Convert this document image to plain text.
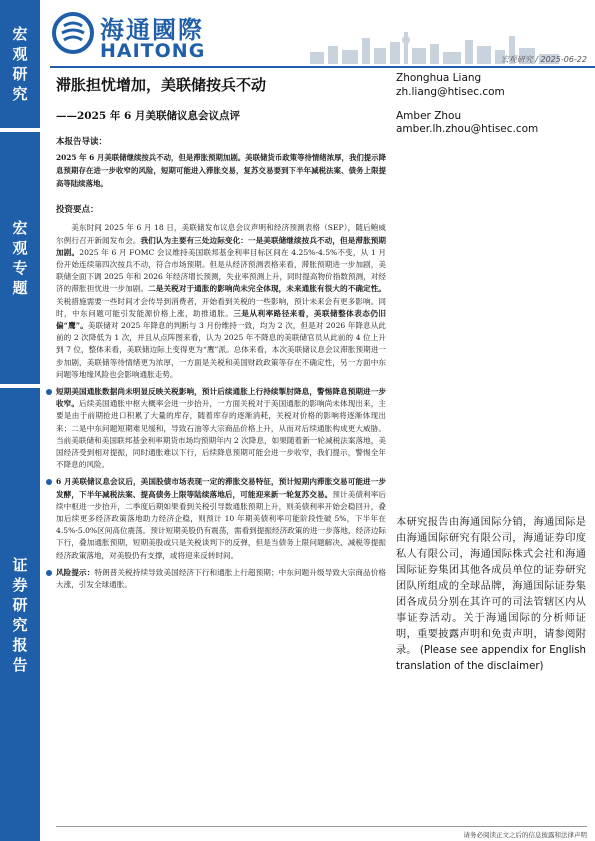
宏
观
研
究
宏
观
专
题
证
券
研
究
报
告
海通國際
HAITONG	宏观研究 / 2025-06-22
滞胀担忧增加，美联储按兵不动
——2025 年 6 月美联储议息会议点评
Zhonghua Liang
zh.liang@htisec.com
Amber Zhou
amber.lh.zhou@htisec.com
本报告导读：
2025 年 6 月美联储继续按兵不动，但是滞胀预期加剧。美联储货币政策等待情绪浓厚，我们提示降息预期存在进一步收窄的风险，短期可能进入滞胀交易，复苏交易要到下半年减税法案、债务上限提高等陆续落地。
投资要点：
美东时间 2025 年 6 月 18 日，美联储发布议息会议声明和经济预测表格（SEP），随后鲍威尔例行召开新闻发布会。我们认为主要有三处边际变化：一是美联储继续按兵不动，但是滞胀预期加剧。2025 年 6 月 FOMC 会议维持美国联邦基金利率目标区间在 4.25%-4.5%不变，从 1 月份开始连续第四次按兵不动，符合市场预期。但是从经济预测表格来看，滞胀预期进一步加剧，美联储全面下调 2025 年和 2026 年经济增长预测，失业率预测上升，同时提高物价指数预测，对经济的滞胀担忧进一步加剧。二是关税对于通胀的影响尚未完全体现，未来通胀有很大的不确定性。关税措施需要一些时间才会传导到消费者，开始看到关税的一些影响，预计未来会有更多影响。同时，中东问题可能引发能源价格上涨，助推通胀。三是从利率路径来看，美联储整体表态仍旧偏“鹰”。美联储对 2025 年降息的判断与 3 月份维持一致，均为 2 次，但是对 2026 年降息从此前的 2 次降低为 1 次，并且从点阵图来看，认为 2025 年不降息的美联储官员从此前的 4 位上升到 7 位，整体来看，美联储边际上变得更为“鹰”派。总体来看，本次美联储议息会议滞胀预期进一步加剧，美联储等待情绪更为浓厚，一方面是关税和美国财政政策等存在不确定性，另一方面中东问题等地缘风险也会影响通胀走势。
短期美国通胀数据尚未明显反映关税影响，预计后续通胀上行持续掣肘降息，警惕降息预期进一步收窄。后续美国通胀中枢大概率会进一步抬升，一方面关税对于美国通胀的影响尚未体现出来，主要是由于前期抢进口积累了大量的库存，随着库存的逐渐消耗，关税对价格的影响将逐渐体现出来；二是中东问题短期难见缓和，导致石油等大宗商品价格上升，从而对后续通胀构成更大威胁。当前美联储和美国联邦基金利率期货市场均预期年内 2 次降息，如果随着新一轮减税法案落地，美国经济受到相对提振，同时通胀难以下行，后续降息预期可能会进一步收窄，我们提示，警惕全年不降息的风险。
6 月美联储议息会议后，美国股债市场表现一定的滞胀交易特征，预计短期内滞胀交易可能进一步发酵，下半年减税法案、提高债务上限等陆续落地后，可能迎来新一轮复苏交易。预计美债利率后续中枢进一步抬升，二季度后期如果看到关税引导数通胀预期上升，则美债利率开始会稳回升，叠加后续更多经济政策落地助力经济企稳，则预计 10 年期美债利率可能阶段性破 5%，下半年在 4.5%-5.0%区间高位震荡。预计短期美股仍有震荡，需看到提振经济政策的进一步落地，经济边际下行，叠加通胀预期，短期美股或只是关税谈判下的反弹，但是当债务上限问题解决、减税等提振经济政策落地，对美股仍有支撑，或将迎来反转时间。
风险提示：特朗普关税持续导致美国经济下行和通胀上行超预期；中东问题升级导致大宗商品价格大涨，引发全球通胀。
本研究报告由海通国际分销，海通国际是由海通国际研究有限公司，海通证券印度私人有限公司，海通国际株式会社和海通国际证券集团其他各成员单位的证券研究团队所组成的全球品牌，海通国际证券集团各成员分别在其许可的司法管辖区内从事证券活动。关于海通国际的分析师证明，重要披露声明和免责声明，请参阅附录。 (Please see appendix for English translation of the disclaimer)
请务必阅读正文之后的信息披露和法律声明
